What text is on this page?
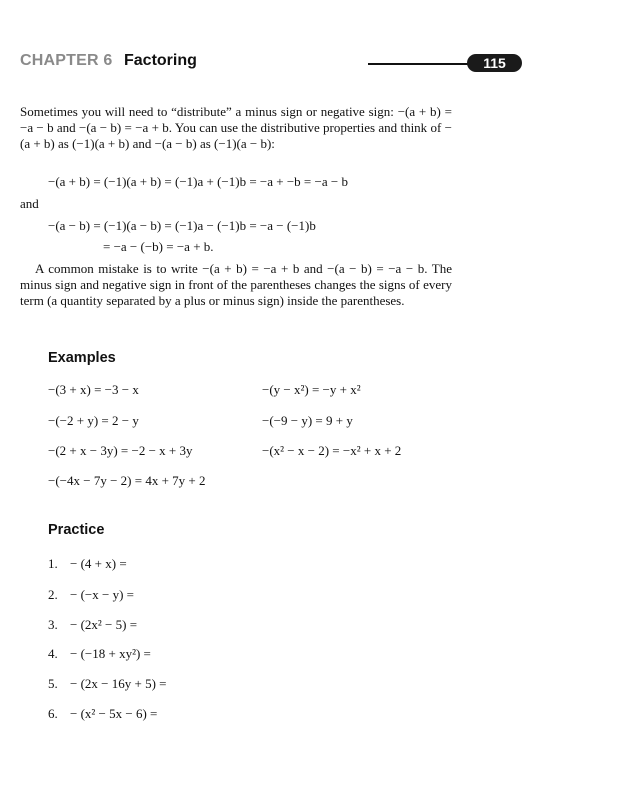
CHAPTER 6 Factoring	115
Sometimes you will need to “distribute” a minus sign or negative sign: −(a + b) = −a − b and −(a − b) = −a + b. You can use the distributive properties and think of −(a + b) as (−1)(a + b) and −(a − b) as (−1)(a − b):
−(a + b) = (−1)(a + b) = (−1)a + (−1)b = −a + −b = −a − b
and
−(a − b) = (−1)(a − b) = (−1)a − (−1)b = −a − (−1)b
= −a − (−b) = −a + b.
A common mistake is to write −(a + b) = −a + b and −(a − b) = −a − b. The minus sign and negative sign in front of the parentheses changes the signs of every term (a quantity separated by a plus or minus sign) inside the parentheses.
Examples
−(3 + x) = −3 − x
−(−2 + y) = 2 − y
−(2 + x − 3y) = −2 − x + 3y
−(−4x − 7y − 2) = 4x + 7y + 2
−(y − x²) = −y + x²
−(−9 − y) = 9 + y
−(x² − x − 2) = −x² + x + 2
Practice
1. − (4 + x) =
2. − (−x − y) =
3. − (2x² − 5) =
4. − (−18 + xy²) =
5. − (2x − 16y + 5) =
6. − (x² − 5x − 6) =
